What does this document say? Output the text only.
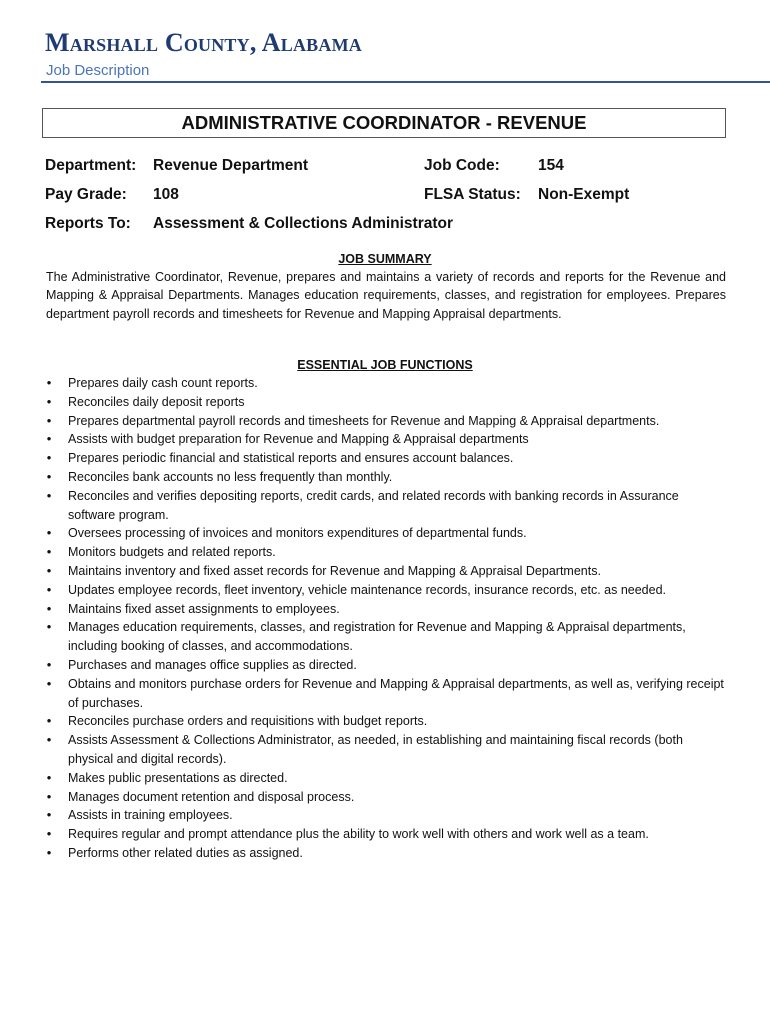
Marshall County, Alabama
Job Description
ADMINISTRATIVE COORDINATOR - REVENUE
Department: Revenue Department	Job Code: 154
Pay Grade: 108	FLSA Status: Non-Exempt
Reports To: Assessment & Collections Administrator
JOB SUMMARY
The Administrative Coordinator, Revenue, prepares and maintains a variety of records and reports for the Revenue and Mapping & Appraisal Departments. Manages education requirements, classes, and registration for employees. Prepares department payroll records and timesheets for Revenue and Mapping Appraisal departments.
ESSENTIAL JOB FUNCTIONS
• Prepares daily cash count reports.
• Reconciles daily deposit reports
• Prepares departmental payroll records and timesheets for Revenue and Mapping & Appraisal departments.
• Assists with budget preparation for Revenue and Mapping & Appraisal departments
• Prepares periodic financial and statistical reports and ensures account balances.
• Reconciles bank accounts no less frequently than monthly.
• Reconciles and verifies depositing reports, credit cards, and related records with banking records in Assurance software program.
• Oversees processing of invoices and monitors expenditures of departmental funds.
• Monitors budgets and related reports.
• Maintains inventory and fixed asset records for Revenue and Mapping & Appraisal Departments.
• Updates employee records, fleet inventory, vehicle maintenance records, insurance records, etc. as needed.
• Maintains fixed asset assignments to employees.
• Manages education requirements, classes, and registration for Revenue and Mapping & Appraisal departments, including booking of classes, and accommodations.
• Purchases and manages office supplies as directed.
• Obtains and monitors purchase orders for Revenue and Mapping & Appraisal departments, as well as, verifying receipt of purchases.
• Reconciles purchase orders and requisitions with budget reports.
• Assists Assessment & Collections Administrator, as needed, in establishing and maintaining fiscal records (both physical and digital records).
• Makes public presentations as directed.
• Manages document retention and disposal process.
• Assists in training employees.
• Requires regular and prompt attendance plus the ability to work well with others and work well as a team.
• Performs other related duties as assigned.
